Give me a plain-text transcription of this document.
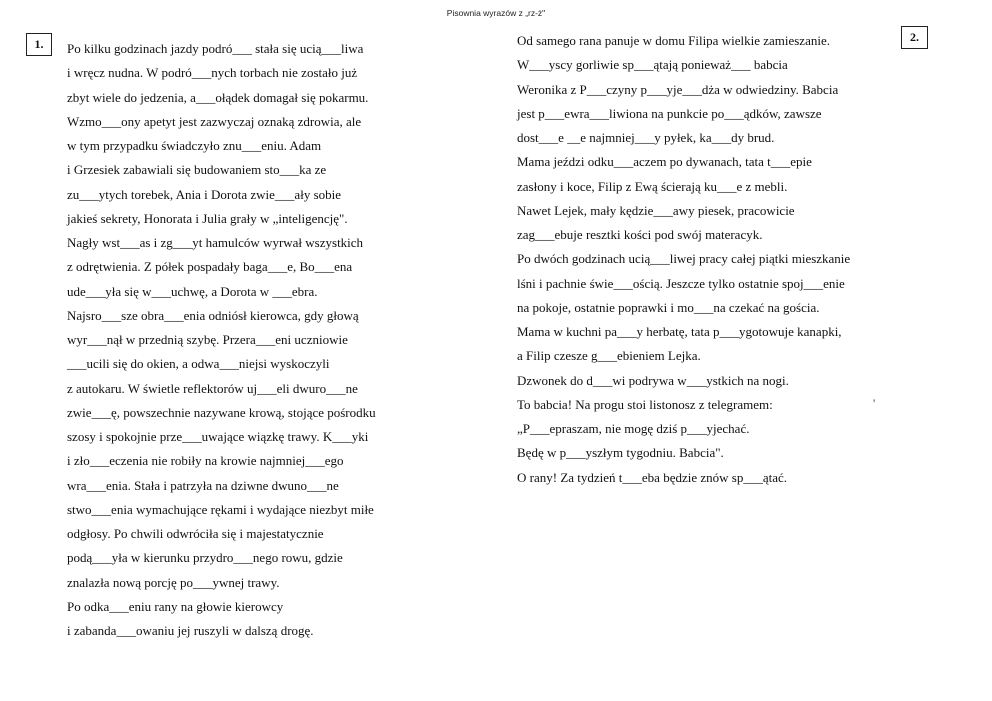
Pisownia wyrazów z „rz-ż"
1.	2.
Po kilku godzinach jazdy podró___ stała się ucią___liwa
i wręcz nudna. W podró___nych torbach nie zostało już
zbyt wiele do jedzenia, a___ołądek domagał się pokarmu.
Wzmo___ony apetyt jest zazwyczaj oznaką zdrowia, ale
w tym przypadku świadczyło znu___eniu. Adam
i Grzesiek zabawiali się budowaniem sto___ka ze
zu___ytych torebek, Ania i Dorota zwie___ały sobie
jakieś sekrety, Honorata i Julia grały w „inteligencję".
Nagły wst___as i zg___yt hamulców wyrwał wszystkich
z odrętwienia. Z półek pospadały baga___e, Bo___ena
ude___yła się w___uchwę, a Dorota w ___ebra.
Najsro___sze obra___enia odniósł kierowca, gdy głową
wyr___nął w przednią szybę. Przera___eni uczniowie
___ucili się do okien, a odwa___niejsi wyskoczyli
z autokaru. W świetle reflektorów uj___eli dwuro___ne
zwie___ę, powszechnie nazywane krową, stojące pośrodku
szosy i spokojnie prze___uwające wiązkę trawy. K___yki
i zło___eczenia nie robiły na krowie najmniej___ego
wra___enia. Stała i patrzyła na dziwne dwuno___ne
stwo___enia wymachujące rękami i wydające niezbyt miłe
odgłosy. Po chwili odwróciła się i majestatycznie
podą___yła w kierunku przydro___nego rowu, gdzie
znalazła nową porcję po___ywnej trawy.
Po odka___eniu rany na głowie kierowcy
i zabanda___owaniu jej ruszyli w dalszą drogę.
Od samego rana panuje w domu Filipa wielkie zamieszanie.
W___yscy gorliwie sp___ątają ponieważ___ babcia
Weronika z P___czyny p___yje___dża w odwiedziny. Babcia
jest p___ewra___liwiona na punkcie po___ądków, zawsze
dost___e __e najmniej___y pyłek, ka___dy brud.
Mama jeździ odku___aczem po dywanach, tata t___epie
zasłony i koce, Filip z Ewą ścierają ku___e z mebli.
Nawet Lejek, mały kędzie___awy piesek, pracowicie
zag___ebuje resztki kości pod swój materacyk.
Po dwóch godzinach ucią___liwej pracy całej piątki mieszkanie
lśni i pachnie świe___ością. Jeszcze tylko ostatnie spoj___enie
na pokoje, ostatnie poprawki i mo___na czekać na gościa.
Mama w kuchni pa___y herbatę, tata p___ygotowuje kanapki,
a Filip czesze g___ebieniem Lejka.
Dzwonek do d___wi podrywa w___ystkich na nogi.
To babcia! Na progu stoi listonosz z telegramem:
„P___epraszam, nie mogę dziś p___yjechać.
Będę w p___yszłym tygodniu. Babcia".
O rany! Za tydzień t___eba będzie znów sp___ątać.
'
